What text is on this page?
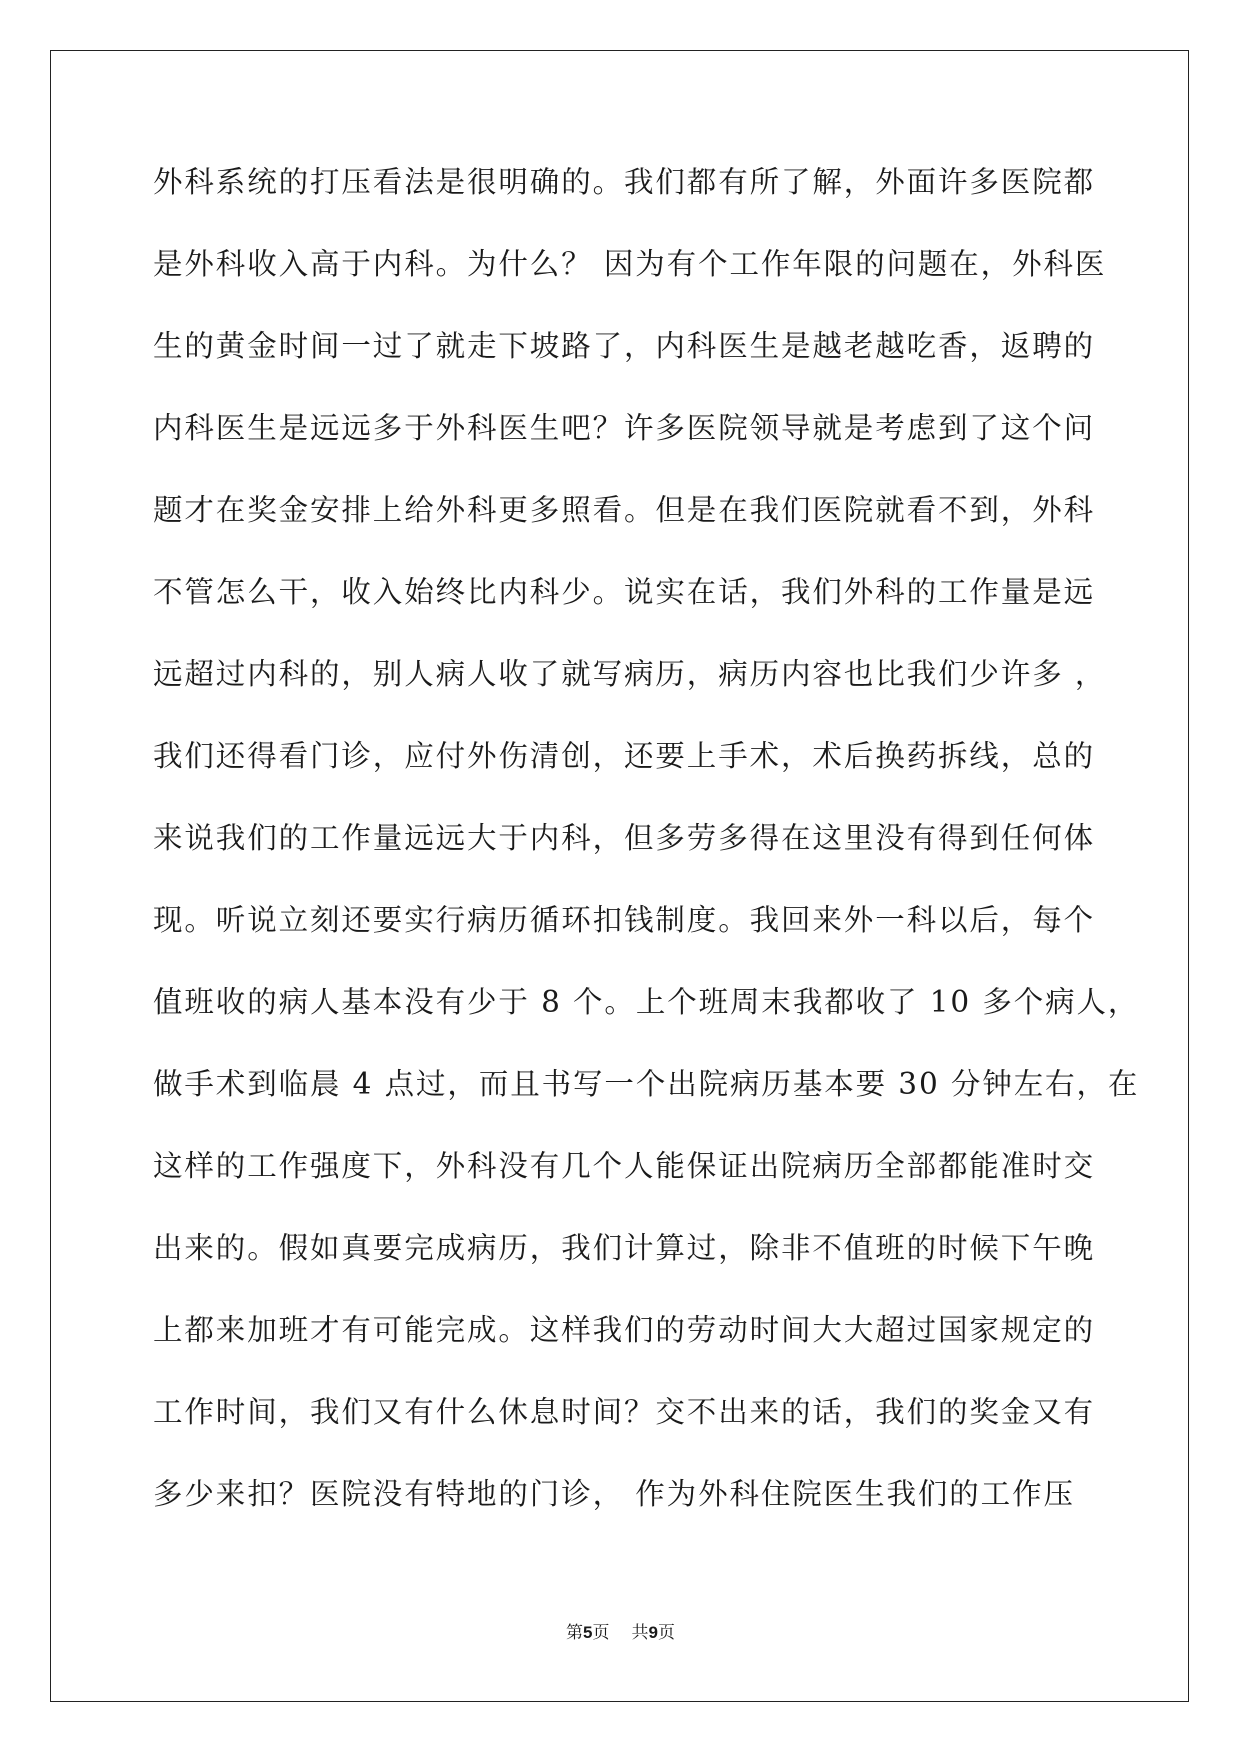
外科系统的打压看法是很明确的。我们都有所了解，外面许多医院都
是外科收入高于内科。为什么？ 因为有个工作年限的问题在，外科医
生的黄金时间一过了就走下坡路了，内科医生是越老越吃香，返聘的
内科医生是远远多于外科医生吧？许多医院领导就是考虑到了这个问
题才在奖金安排上给外科更多照看。但是在我们医院就看不到，外科
不管怎么干，收入始终比内科少。说实在话，我们外科的工作量是远
远超过内科的，别人病人收了就写病历，病历内容也比我们少许多 ，
我们还得看门诊，应付外伤清创，还要上手术，术后换药拆线，总的
来说我们的工作量远远大于内科，但多劳多得在这里没有得到任何体
现。听说立刻还要实行病历循环扣钱制度。我回来外一科以后，每个
值班收的病人基本没有少于 8 个。上个班周末我都收了 10 多个病人，
做手术到临晨 4 点过，而且书写一个出院病历基本要 30 分钟左右，在
这样的工作强度下，外科没有几个人能保证出院病历全部都能准时交
出来的。假如真要完成病历，我们计算过，除非不值班的时候下午晚
上都来加班才有可能完成。这样我们的劳动时间大大超过国家规定的
工作时间，我们又有什么休息时间？交不出来的话，我们的奖金又有
多少来扣？医院没有特地的门诊， 作为外科住院医生我们的工作压
第5页 共9页
